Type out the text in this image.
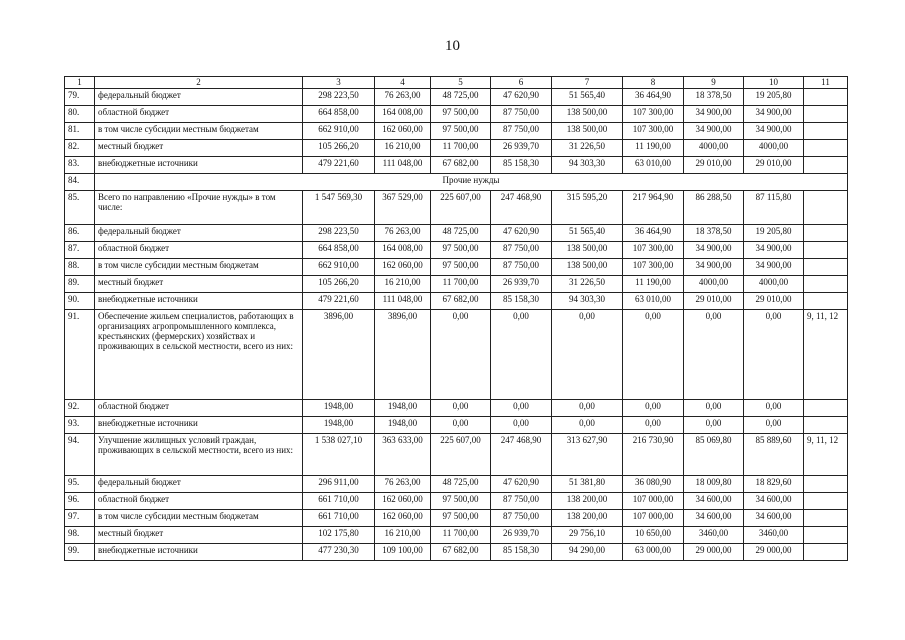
10
1	2	3	4	5	6	7	8	9	10	11
79.	федеральный бюджет	298 223,50	76 263,00	48 725,00	47 620,90	51 565,40	36 464,90	18 378,50	19 205,80	
80.	областной бюджет	664 858,00	164 008,00	97 500,00	87 750,00	138 500,00	107 300,00	34 900,00	34 900,00	
81.	в том числе субсидии местным бюджетам	662 910,00	162 060,00	97 500,00	87 750,00	138 500,00	107 300,00	34 900,00	34 900,00	
82.	местный бюджет	105 266,20	16 210,00	11 700,00	26 939,70	31 226,50	11 190,00	4000,00	4000,00	
83.	внебюджетные источники	479 221,60	111 048,00	67 682,00	85 158,30	94 303,30	63 010,00	29 010,00	29 010,00	
84.	Прочие нужды									
85.	Всего по направлению «Прочие нужды» в том числе:	1 547 569,30	367 529,00	225 607,00	247 468,90	315 595,20	217 964,90	86 288,50	87 115,80	
86.	федеральный бюджет	298 223,50	76 263,00	48 725,00	47 620,90	51 565,40	36 464,90	18 378,50	19 205,80	
87.	областной бюджет	664 858,00	164 008,00	97 500,00	87 750,00	138 500,00	107 300,00	34 900,00	34 900,00	
88.	в том числе субсидии местным бюджетам	662 910,00	162 060,00	97 500,00	87 750,00	138 500,00	107 300,00	34 900,00	34 900,00	
89.	местный бюджет	105 266,20	16 210,00	11 700,00	26 939,70	31 226,50	11 190,00	4000,00	4000,00	
90.	внебюджетные источники	479 221,60	111 048,00	67 682,00	85 158,30	94 303,30	63 010,00	29 010,00	29 010,00	
91.	Обеспечение жильем специалистов, работающих в организациях агропромышленного комплекса, крестьянских (фермерских) хозяйствах и проживающих в сельской местности, всего из них:	3896,00	3896,00	0,00	0,00	0,00	0,00	0,00	0,00	9, 11, 12
92.	областной бюджет	1948,00	1948,00	0,00	0,00	0,00	0,00	0,00	0,00	
93.	внебюджетные источники	1948,00	1948,00	0,00	0,00	0,00	0,00	0,00	0,00	
94.	Улучшение жилищных условий граждан, проживающих в сельской местности, всего из них:	1 538 027,10	363 633,00	225 607,00	247 468,90	313 627,90	216 730,90	85 069,80	85 889,60	9, 11, 12
95.	федеральный бюджет	296 911,00	76 263,00	48 725,00	47 620,90	51 381,80	36 080,90	18 009,80	18 829,60	
96.	областной бюджет	661 710,00	162 060,00	97 500,00	87 750,00	138 200,00	107 000,00	34 600,00	34 600,00	
97.	в том числе субсидии местным бюджетам	661 710,00	162 060,00	97 500,00	87 750,00	138 200,00	107 000,00	34 600,00	34 600,00	
98.	местный бюджет	102 175,80	16 210,00	11 700,00	26 939,70	29 756,10	10 650,00	3460,00	3460,00	
99.	внебюджетные источники	477 230,30	109 100,00	67 682,00	85 158,30	94 290,00	63 000,00	29 000,00	29 000,00	
